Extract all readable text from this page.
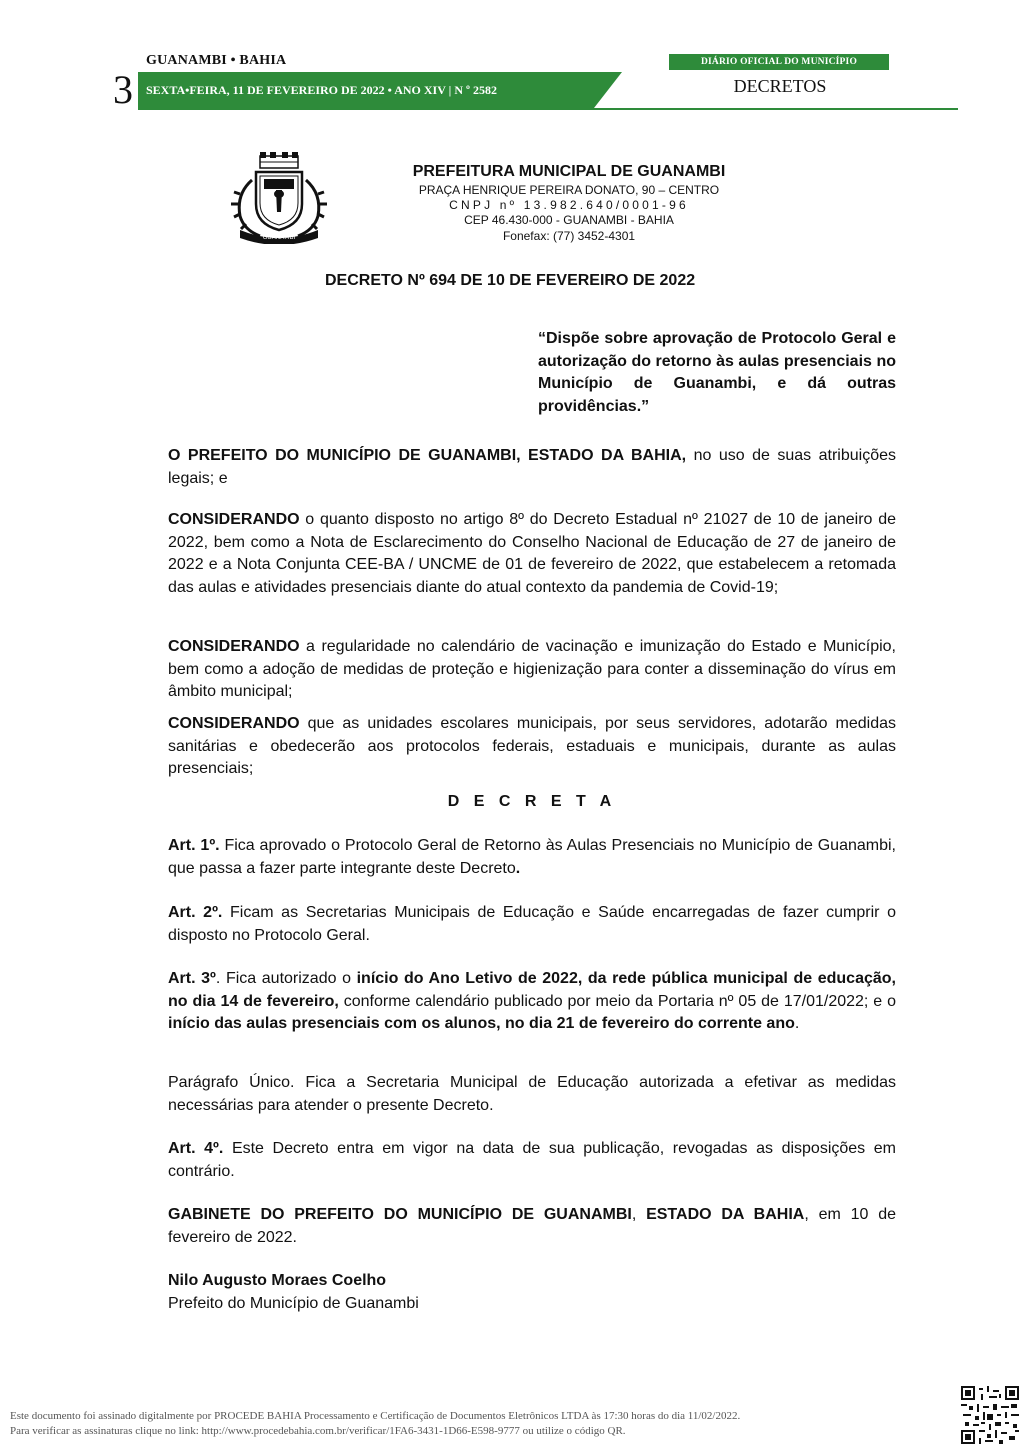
GUANAMBI • BAHIA
3 SEXTA•FEIRA, 11 DE FEVEREIRO DE 2022 • ANO XIV | N º 2582
DIÁRIO OFICIAL DO MUNICÍPIO
DECRETOS
GUANAMBI
PREFEITURA MUNICIPAL DE GUANAMBI
PRAÇA HENRIQUE PEREIRA DONATO, 90 – CENTRO
CNPJ nº 13.982.640/0001-96
CEP 46.430-000 - GUANAMBI - BAHIA
Fonefax: (77) 3452-4301
DECRETO Nº 694 DE 10 DE FEVEREIRO DE 2022
“Dispõe sobre aprovação de Protocolo Geral e autorização do retorno às aulas presenciais no Município de Guanambi, e dá outras providências.”
O PREFEITO DO MUNICÍPIO DE GUANAMBI, ESTADO DA BAHIA, no uso de suas atribuições legais; e
CONSIDERANDO o quanto disposto no artigo 8º do Decreto Estadual nº 21027 de 10 de janeiro de 2022, bem como a Nota de Esclarecimento do Conselho Nacional de Educação de 27 de janeiro de 2022 e a Nota Conjunta CEE-BA / UNCME de 01 de fevereiro de 2022, que estabelecem a retomada das aulas e atividades presenciais diante do atual contexto da pandemia de Covid-19;
CONSIDERANDO a regularidade no calendário de vacinação e imunização do Estado e Município, bem como a adoção de medidas de proteção e higienização para conter a disseminação do vírus em âmbito municipal;
CONSIDERANDO que as unidades escolares municipais, por seus servidores, adotarão medidas sanitárias e obedecerão aos protocolos federais, estaduais e municipais, durante as aulas presenciais;
D E C R E T A
Art. 1º. Fica aprovado o Protocolo Geral de Retorno às Aulas Presenciais no Município de Guanambi, que passa a fazer parte integrante deste Decreto.
Art. 2º. Ficam as Secretarias Municipais de Educação e Saúde encarregadas de fazer cumprir o disposto no Protocolo Geral.
Art. 3º. Fica autorizado o início do Ano Letivo de 2022, da rede pública municipal de educação, no dia 14 de fevereiro, conforme calendário publicado por meio da Portaria nº 05 de 17/01/2022; e o início das aulas presenciais com os alunos, no dia 21 de fevereiro do corrente ano.
Parágrafo Único. Fica a Secretaria Municipal de Educação autorizada a efetivar as medidas necessárias para atender o presente Decreto.
Art. 4º. Este Decreto entra em vigor na data de sua publicação, revogadas as disposições em contrário.
GABINETE DO PREFEITO DO MUNICÍPIO DE GUANAMBI, ESTADO DA BAHIA, em 10 de fevereiro de 2022.
Nilo Augusto Moraes Coelho
Prefeito do Município de Guanambi
Este documento foi assinado digitalmente por PROCEDE BAHIA Processamento e Certificação de Documentos Eletrônicos LTDA às 17:30 horas do dia 11/02/2022.
Para verificar as assinaturas clique no link: http://www.procedebahia.com.br/verificar/1FA6-3431-1D66-E598-9777 ou utilize o código QR.
